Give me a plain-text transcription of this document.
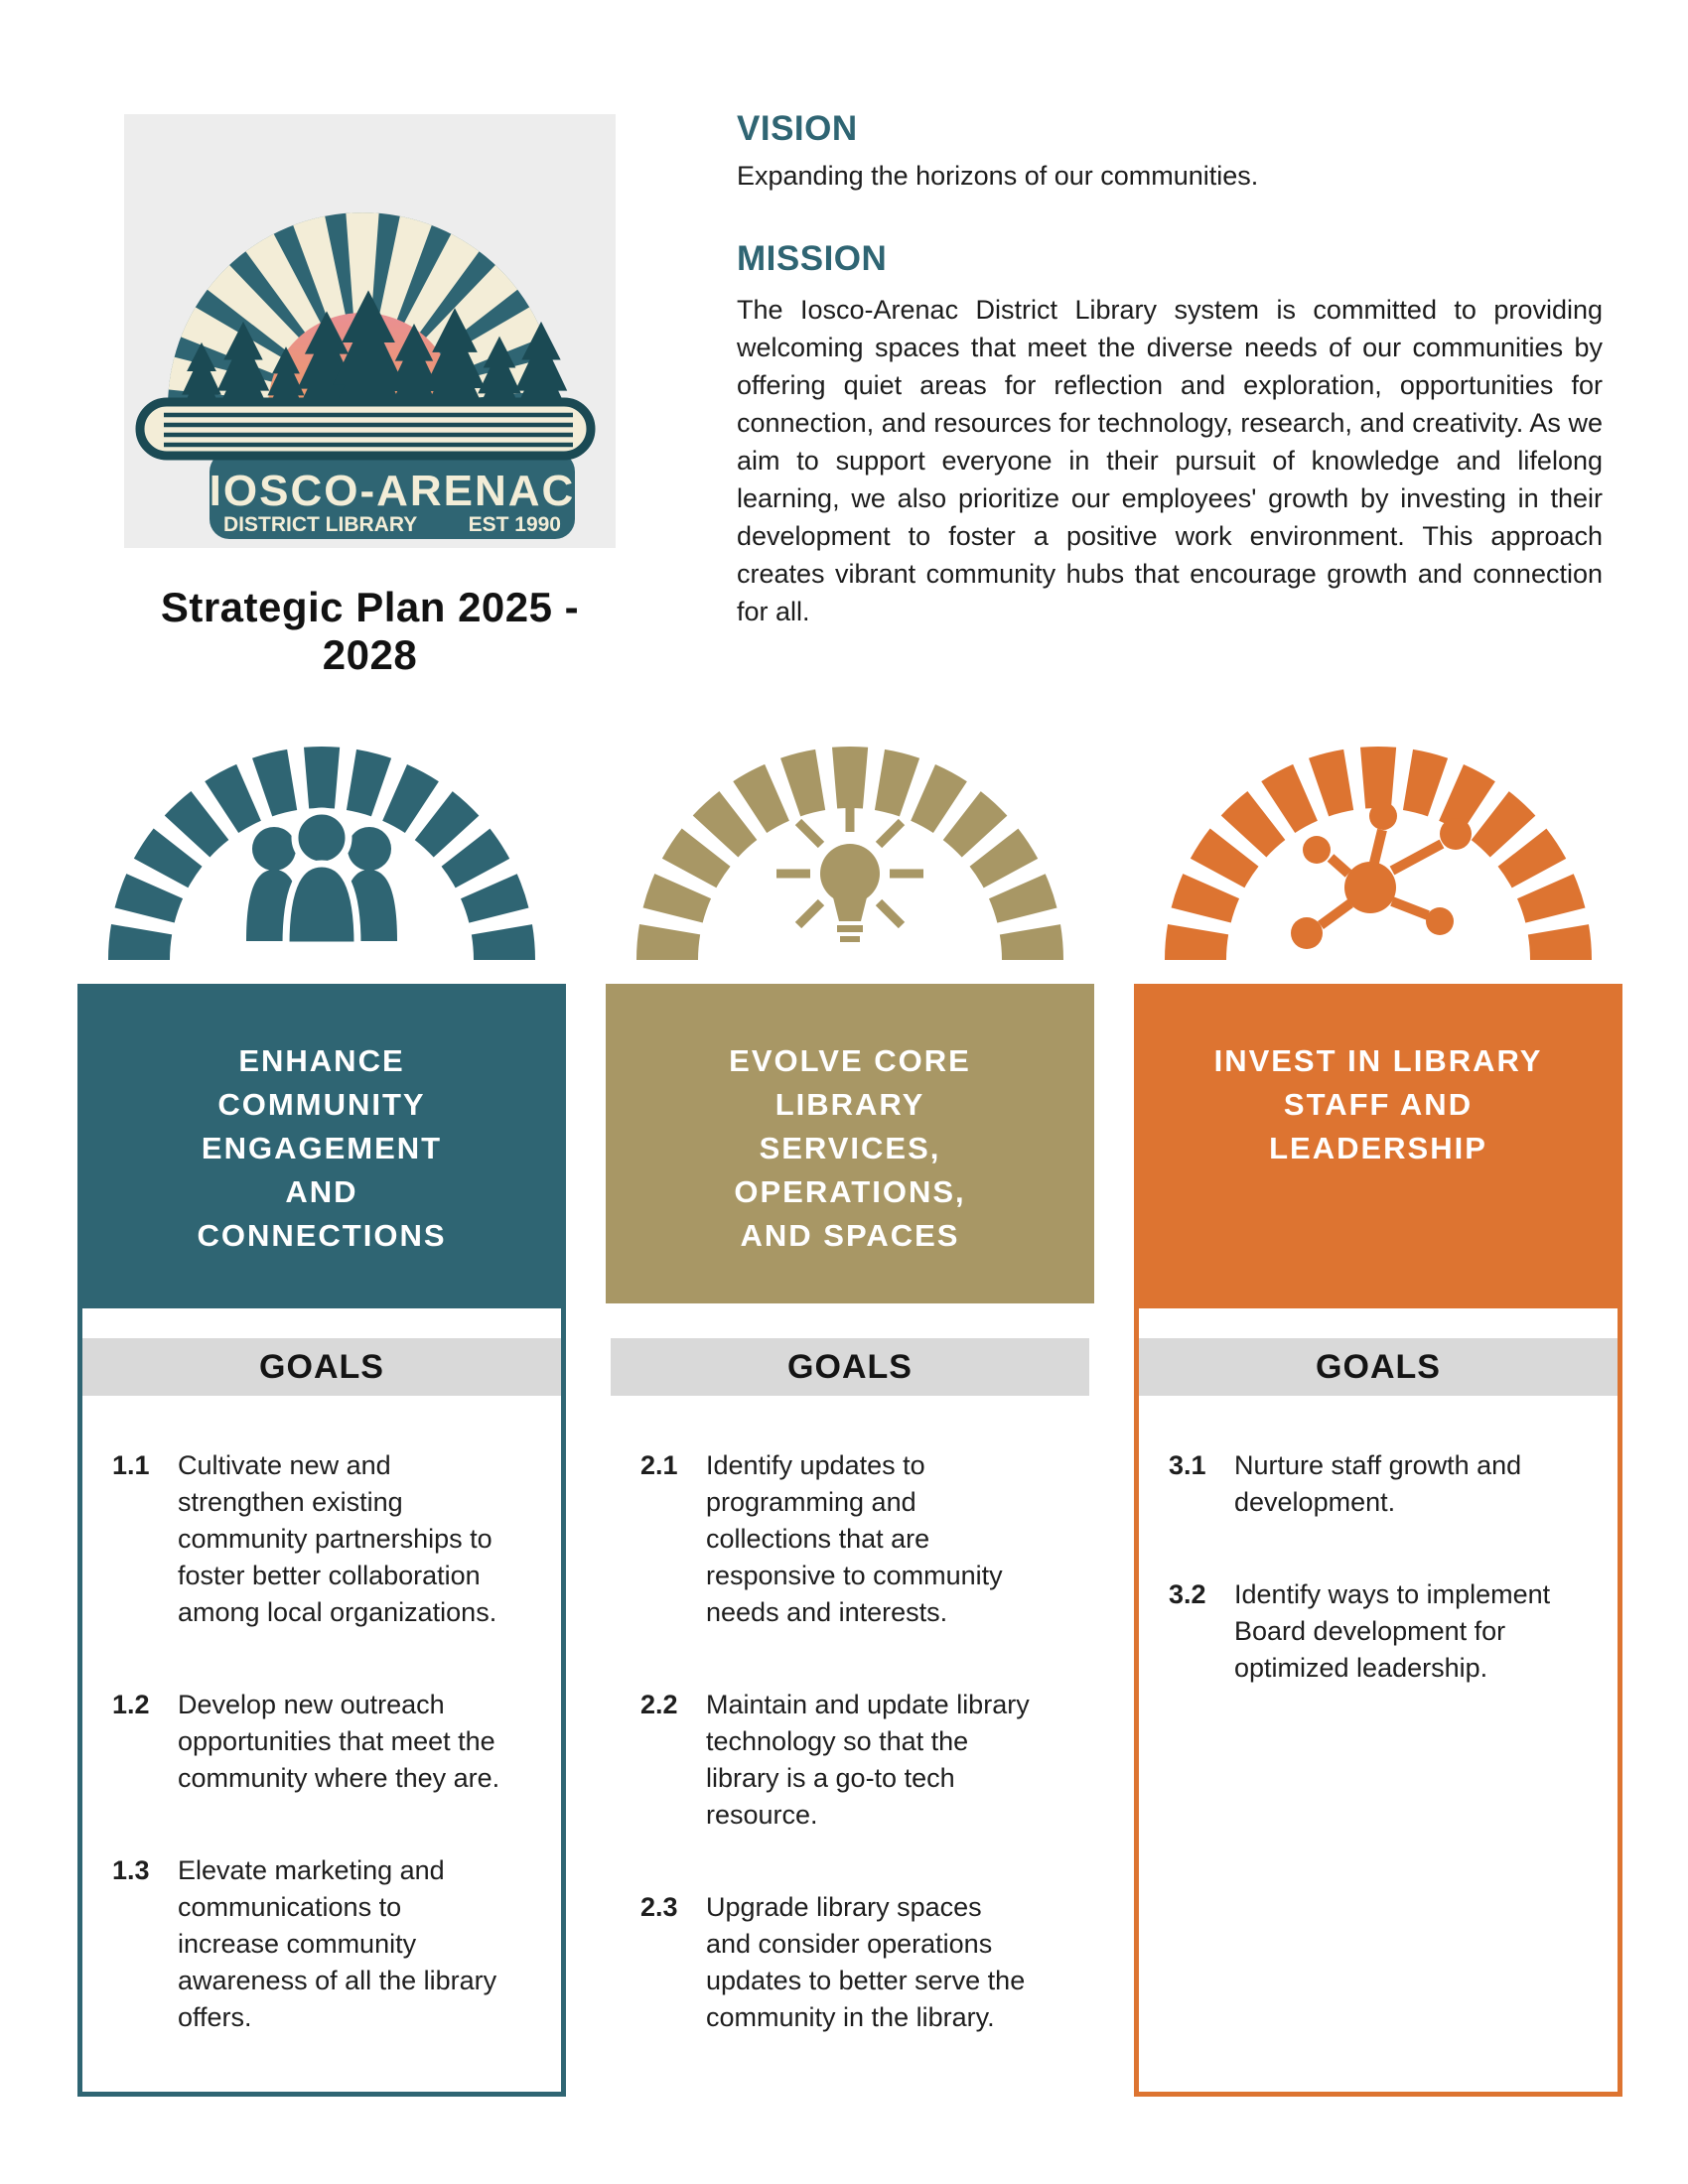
IOSCO-ARENAC
DISTRICT LIBRARY EST 1990
Strategic Plan 2025 - 2028
VISION

Expanding the horizons of our communities.

MISSION

The Iosco-Arenac District Library system is committed to providing welcoming spaces that meet the diverse needs of our communities by offering quiet areas for reflection and exploration, opportunities for connection, and resources for technology, research, and creativity. As we aim to support everyone in their pursuit of knowledge and lifelong learning, we also prioritize our employees' growth by investing in their development to foster a positive work environment. This approach creates vibrant community hubs that encourage growth and connection for all.

ENHANCE
COMMUNITY
ENGAGEMENT
AND
CONNECTIONS
GOALS
1.1	Cultivate new and strengthen existing community partnerships to foster better collaboration among local organizations.
1.2	Develop new outreach opportunities that meet the community where they are.
1.3	Elevate marketing and communications to increase community awareness of all the library offers.
EVOLVE CORE
LIBRARY
SERVICES,
OPERATIONS,
AND SPACES
GOALS
2.1	Identify updates to programming and collections that are responsive to community needs and interests.
2.2	Maintain and update library technology so that the library is a go-to tech resource.
2.3	Upgrade library spaces and consider operations updates to better serve the community in the library.
INVEST IN LIBRARY
STAFF AND
LEADERSHIP
GOALS
3.1	Nurture staff growth and development.
3.2	Identify ways to implement Board development for optimized leadership.
